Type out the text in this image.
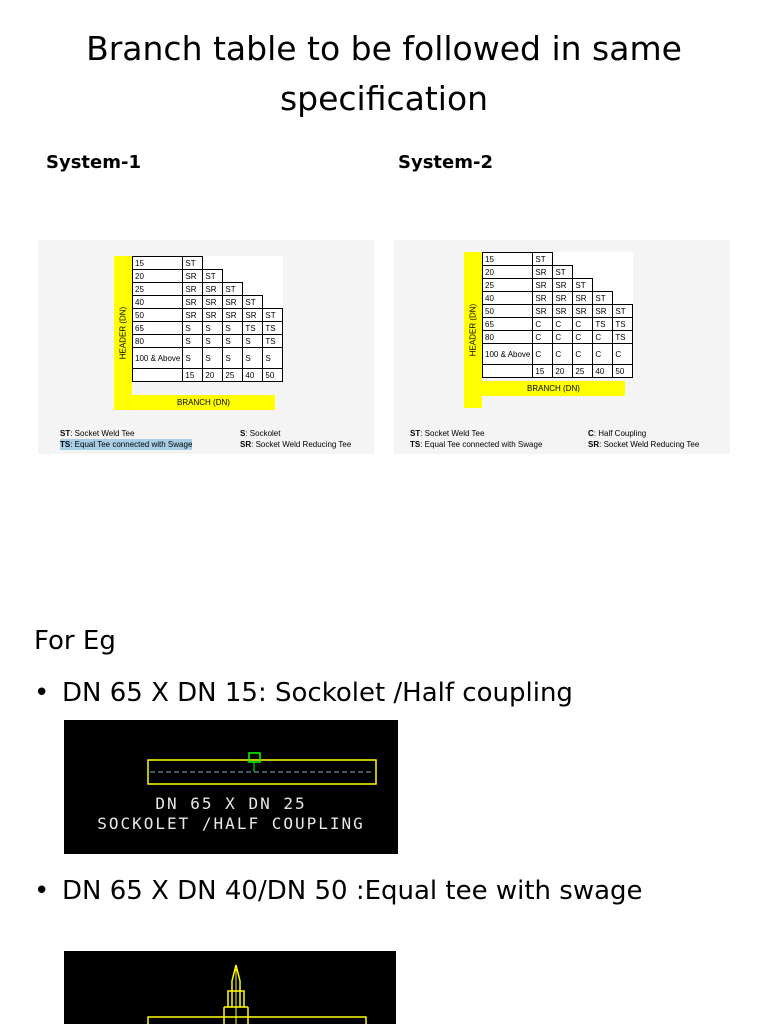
Branch table to be followed in same specification
System-1
HEADER (DN)
15	ST				
20	SR	ST			
25	SR	SR	ST		
40	SR	SR	SR	ST	
50	SR	SR	SR	SR	ST
65	S	S	S	TS	TS
80	S	S	S	S	TS
100 & Above	S	S	S	S	S
	15	20	25	40	50
BRANCH (DN)
ST: Socket Weld Tee	S: Sockolet
TS: Equal Tee connected with Swage	SR: Socket Weld Reducing Tee
System-2
HEADER (DN)
15	ST				
20	SR	ST			
25	SR	SR	ST		
40	SR	SR	SR	ST	
50	SR	SR	SR	SR	ST
65	C	C	C	TS	TS
80	C	C	C	C	TS
100 & Above	C	C	C	C	C
	15	20	25	40	50
BRANCH (DN)
ST: Socket Weld Tee	C: Half Coupling
TS: Equal Tee connected with Swage	SR: Socket Weld Reducing Tee
For Eg
• DN 65 X DN 15: Sockolet /Half coupling
DN 65 X DN 25
SOCKOLET /HALF COUPLING
• DN 65 X DN 40/DN 50 :Equal tee with swage
